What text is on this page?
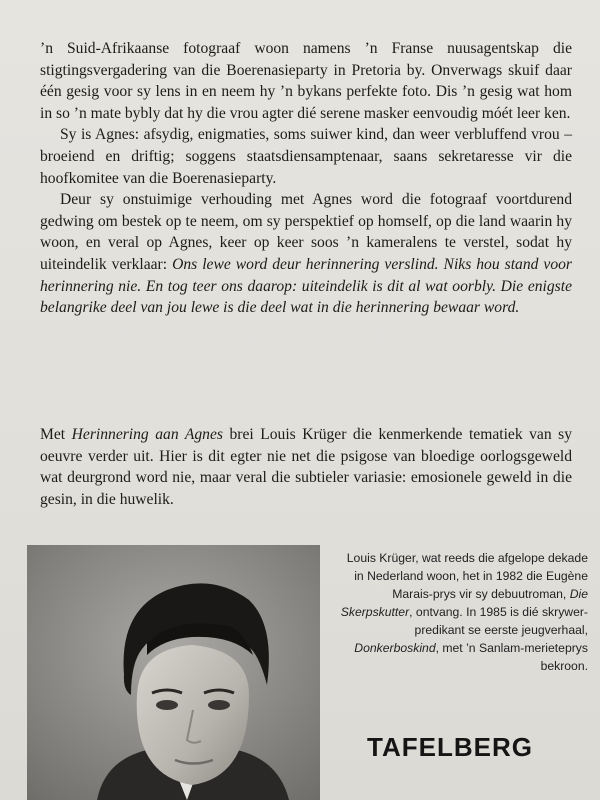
’n Suid-Afrikaanse fotograaf woon namens ’n Franse nuusagentskap die stigtingsvergadering van die Boerenasieparty in Pretoria by. Onverwags skuif daar één gesig voor sy lens in en neem hy ’n bykans perfekte foto. Dis ’n gesig wat hom in so ’n mate bybly dat hy die vrou agter dié serene masker eenvoudig móét leer ken.

Sy is Agnes: afsydig, enigmaties, soms suiwer kind, dan weer verbluffend vrou – broeiend en driftig; soggens staatsdiensamptenaar, saans sekretaresse vir die hoofkomitee van die Boerenasieparty.

Deur sy onstuimige verhouding met Agnes word die fotograaf voortdurend gedwing om bestek op te neem, om sy perspektief op homself, op die land waarin hy woon, en veral op Agnes, keer op keer soos ’n kameralens te verstel, sodat hy uiteindelik verklaar: Ons lewe word deur herinnering verslind. Niks hou stand voor herinnering nie. En tog teer ons daarop: uiteindelik is dit al wat oorbly. Die enigste belangrike deel van jou lewe is die deel wat in die herinnering bewaar word.

Met Herinnering aan Agnes brei Louis Krüger die kenmerkende tematiek van sy oeuvre verder uit. Hier is dit egter nie net die psigose van bloedige oorlogsgeweld wat deurgrond word nie, maar veral die subtieler variasie: emosionele geweld in die gesin, in die huwelik.

Louis Krüger, wat reeds die afgelope dekade in Nederland woon, het in 1982 die Eugène Marais-prys vir sy debuutroman, Die Skerpskutter, ontvang. In 1985 is dié skrywer-predikant se eerste jeugverhaal, Donkerboskind, met ’n Sanlam-merieteprys bekroon.

TAFELBERG
